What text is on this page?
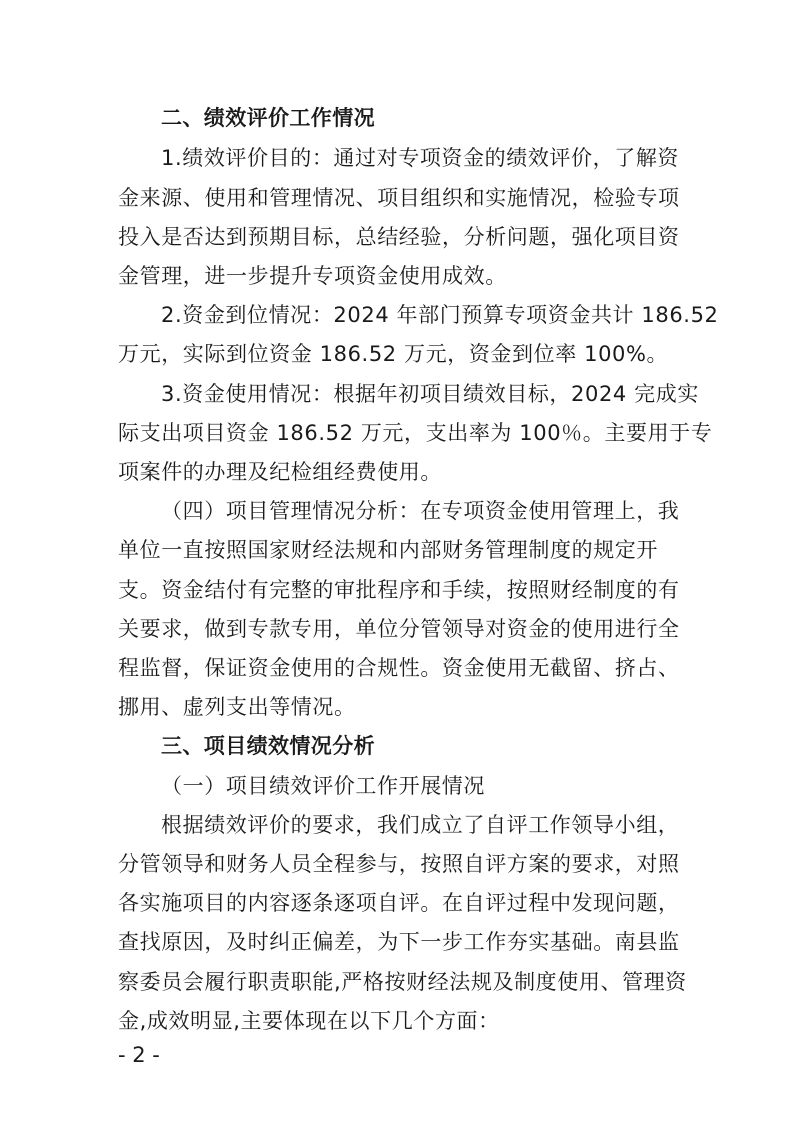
二、绩效评价工作情况
1.绩效评价目的：通过对专项资金的绩效评价，了解资
金来源、使用和管理情况、项目组织和实施情况，检验专项
投入是否达到预期目标，总结经验，分析问题，强化项目资
金管理，进一步提升专项资金使用成效。
2.资金到位情况：2024 年部门预算专项资金共计 186.52
万元，实际到位资金 186.52 万元，资金到位率 100%。
3.资金使用情况：根据年初项目绩效目标，2024 完成实
际支出项目资金 186.52 万元，支出率为 100％。主要用于专
项案件的办理及纪检组经费使用。
（四）项目管理情况分析：在专项资金使用管理上，我
单位一直按照国家财经法规和内部财务管理制度的规定开
支。资金结付有完整的审批程序和手续，按照财经制度的有
关要求，做到专款专用，单位分管领导对资金的使用进行全
程监督，保证资金使用的合规性。资金使用无截留、挤占、
挪用、虚列支出等情况。
三、项目绩效情况分析
（一）项目绩效评价工作开展情况
根据绩效评价的要求，我们成立了自评工作领导小组，
分管领导和财务人员全程参与，按照自评方案的要求，对照
各实施项目的内容逐条逐项自评。在自评过程中发现问题，
查找原因，及时纠正偏差，为下一步工作夯实基础。南县监
察委员会履行职责职能,严格按财经法规及制度使用、管理资
金,成效明显,主要体现在以下几个方面：
- 2 -
